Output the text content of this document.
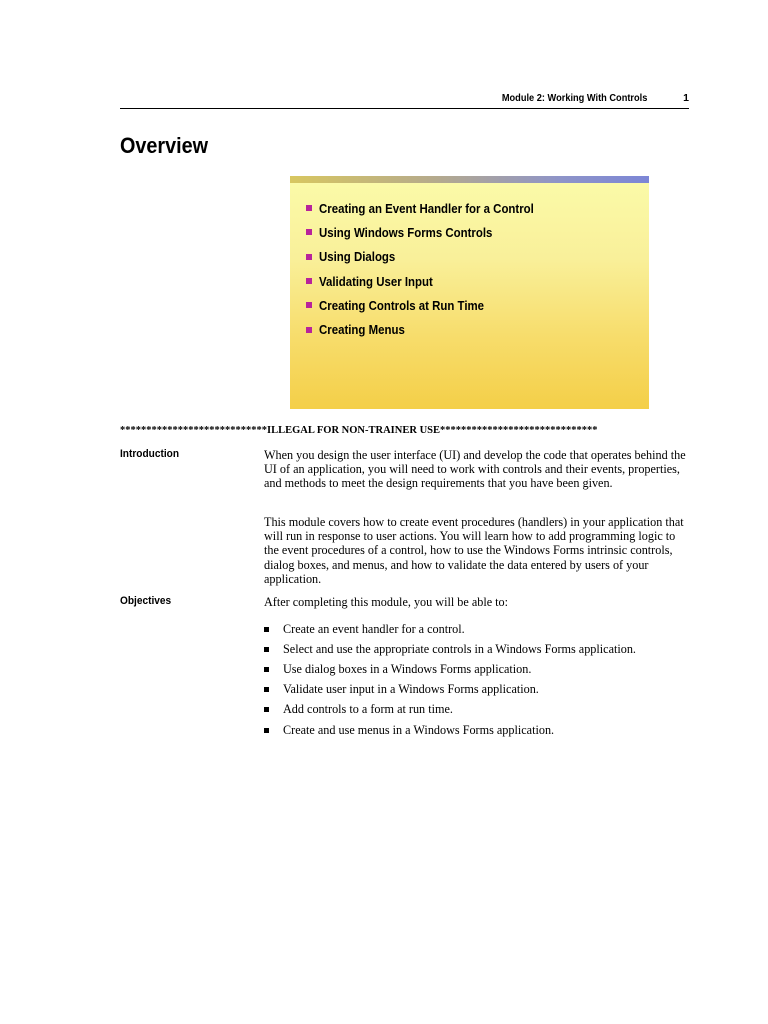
Module 2: Working With Controls	1
Overview
Creating an Event Handler for a Control
Using Windows Forms Controls
Using Dialogs
Validating User Input
Creating Controls at Run Time
Creating Menus
****************************ILLEGAL FOR NON-TRAINER USE******************************
Introduction	When you design the user interface (UI) and develop the code that operates behind the UI of an application, you will need to work with controls and their events, properties, and methods to meet the design requirements that you have been given.

This module covers how to create event procedures (handlers) in your application that will run in response to user actions. You will learn how to add programming logic to the event procedures of a control, how to use the Windows Forms intrinsic controls, dialog boxes, and menus, and how to validate the data entered by users of your application.

Objectives	After completing this module, you will be able to:

Create an event handler for a control.
Select and use the appropriate controls in a Windows Forms application.
Use dialog boxes in a Windows Forms application.
Validate user input in a Windows Forms application.
Add controls to a form at run time.
Create and use menus in a Windows Forms application.
